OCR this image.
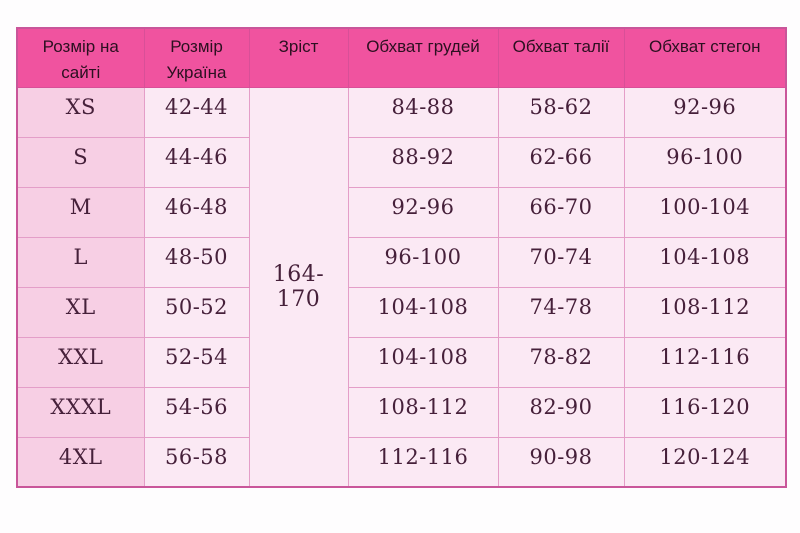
Розмір на сайті	Розмір Україна	Зріст	Обхват грудей	Обхват талії	Обхват стегон
XS	42-44	164-170	84-88	58-62	92-96
S	44-46		88-92	62-66	96-100
M	46-48		92-96	66-70	100-104
L	48-50		96-100	70-74	104-108
XL	50-52		104-108	74-78	108-112
XXL	52-54		104-108	78-82	112-116
XXXL	54-56		108-112	82-90	116-120
4XL	56-58		112-116	90-98	120-124
